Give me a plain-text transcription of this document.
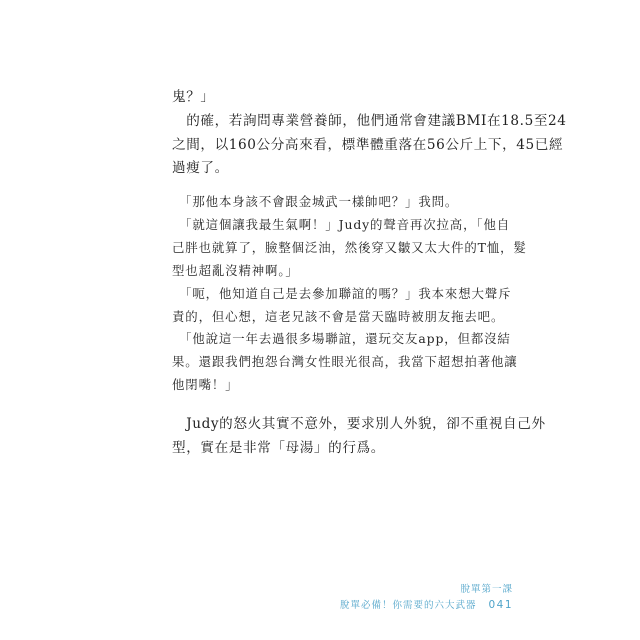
鬼？」
　的確，若詢問專業營養師，他們通常會建議BMI在18.5至24
之間，以160公分高來看，標準體重落在56公斤上下，45已經
過瘦了。
　「那他本身該不會跟金城武一樣帥吧？」我問。
　「就這個讓我最生氣啊！」Judy的聲音再次拉高，「他自
己胖也就算了，臉整個泛油，然後穿又皺又太大件的T恤，髮
型也超亂沒精神啊。」
　「呃，他知道自己是去參加聯誼的嗎？」我本來想大聲斥
責的，但心想，這老兄該不會是當天臨時被朋友拖去吧。
　「他說這一年去過很多場聯誼，還玩交友app，但都沒結
果。還跟我們抱怨台灣女性眼光很高，我當下超想拍著他讓
他閉嘴！」
　Judy的怒火其實不意外，要求別人外貌，卻不重視自己外
型，實在是非常「母湯」的行爲。
脫單第一課
脫單必備！你需要的六大武器 041
